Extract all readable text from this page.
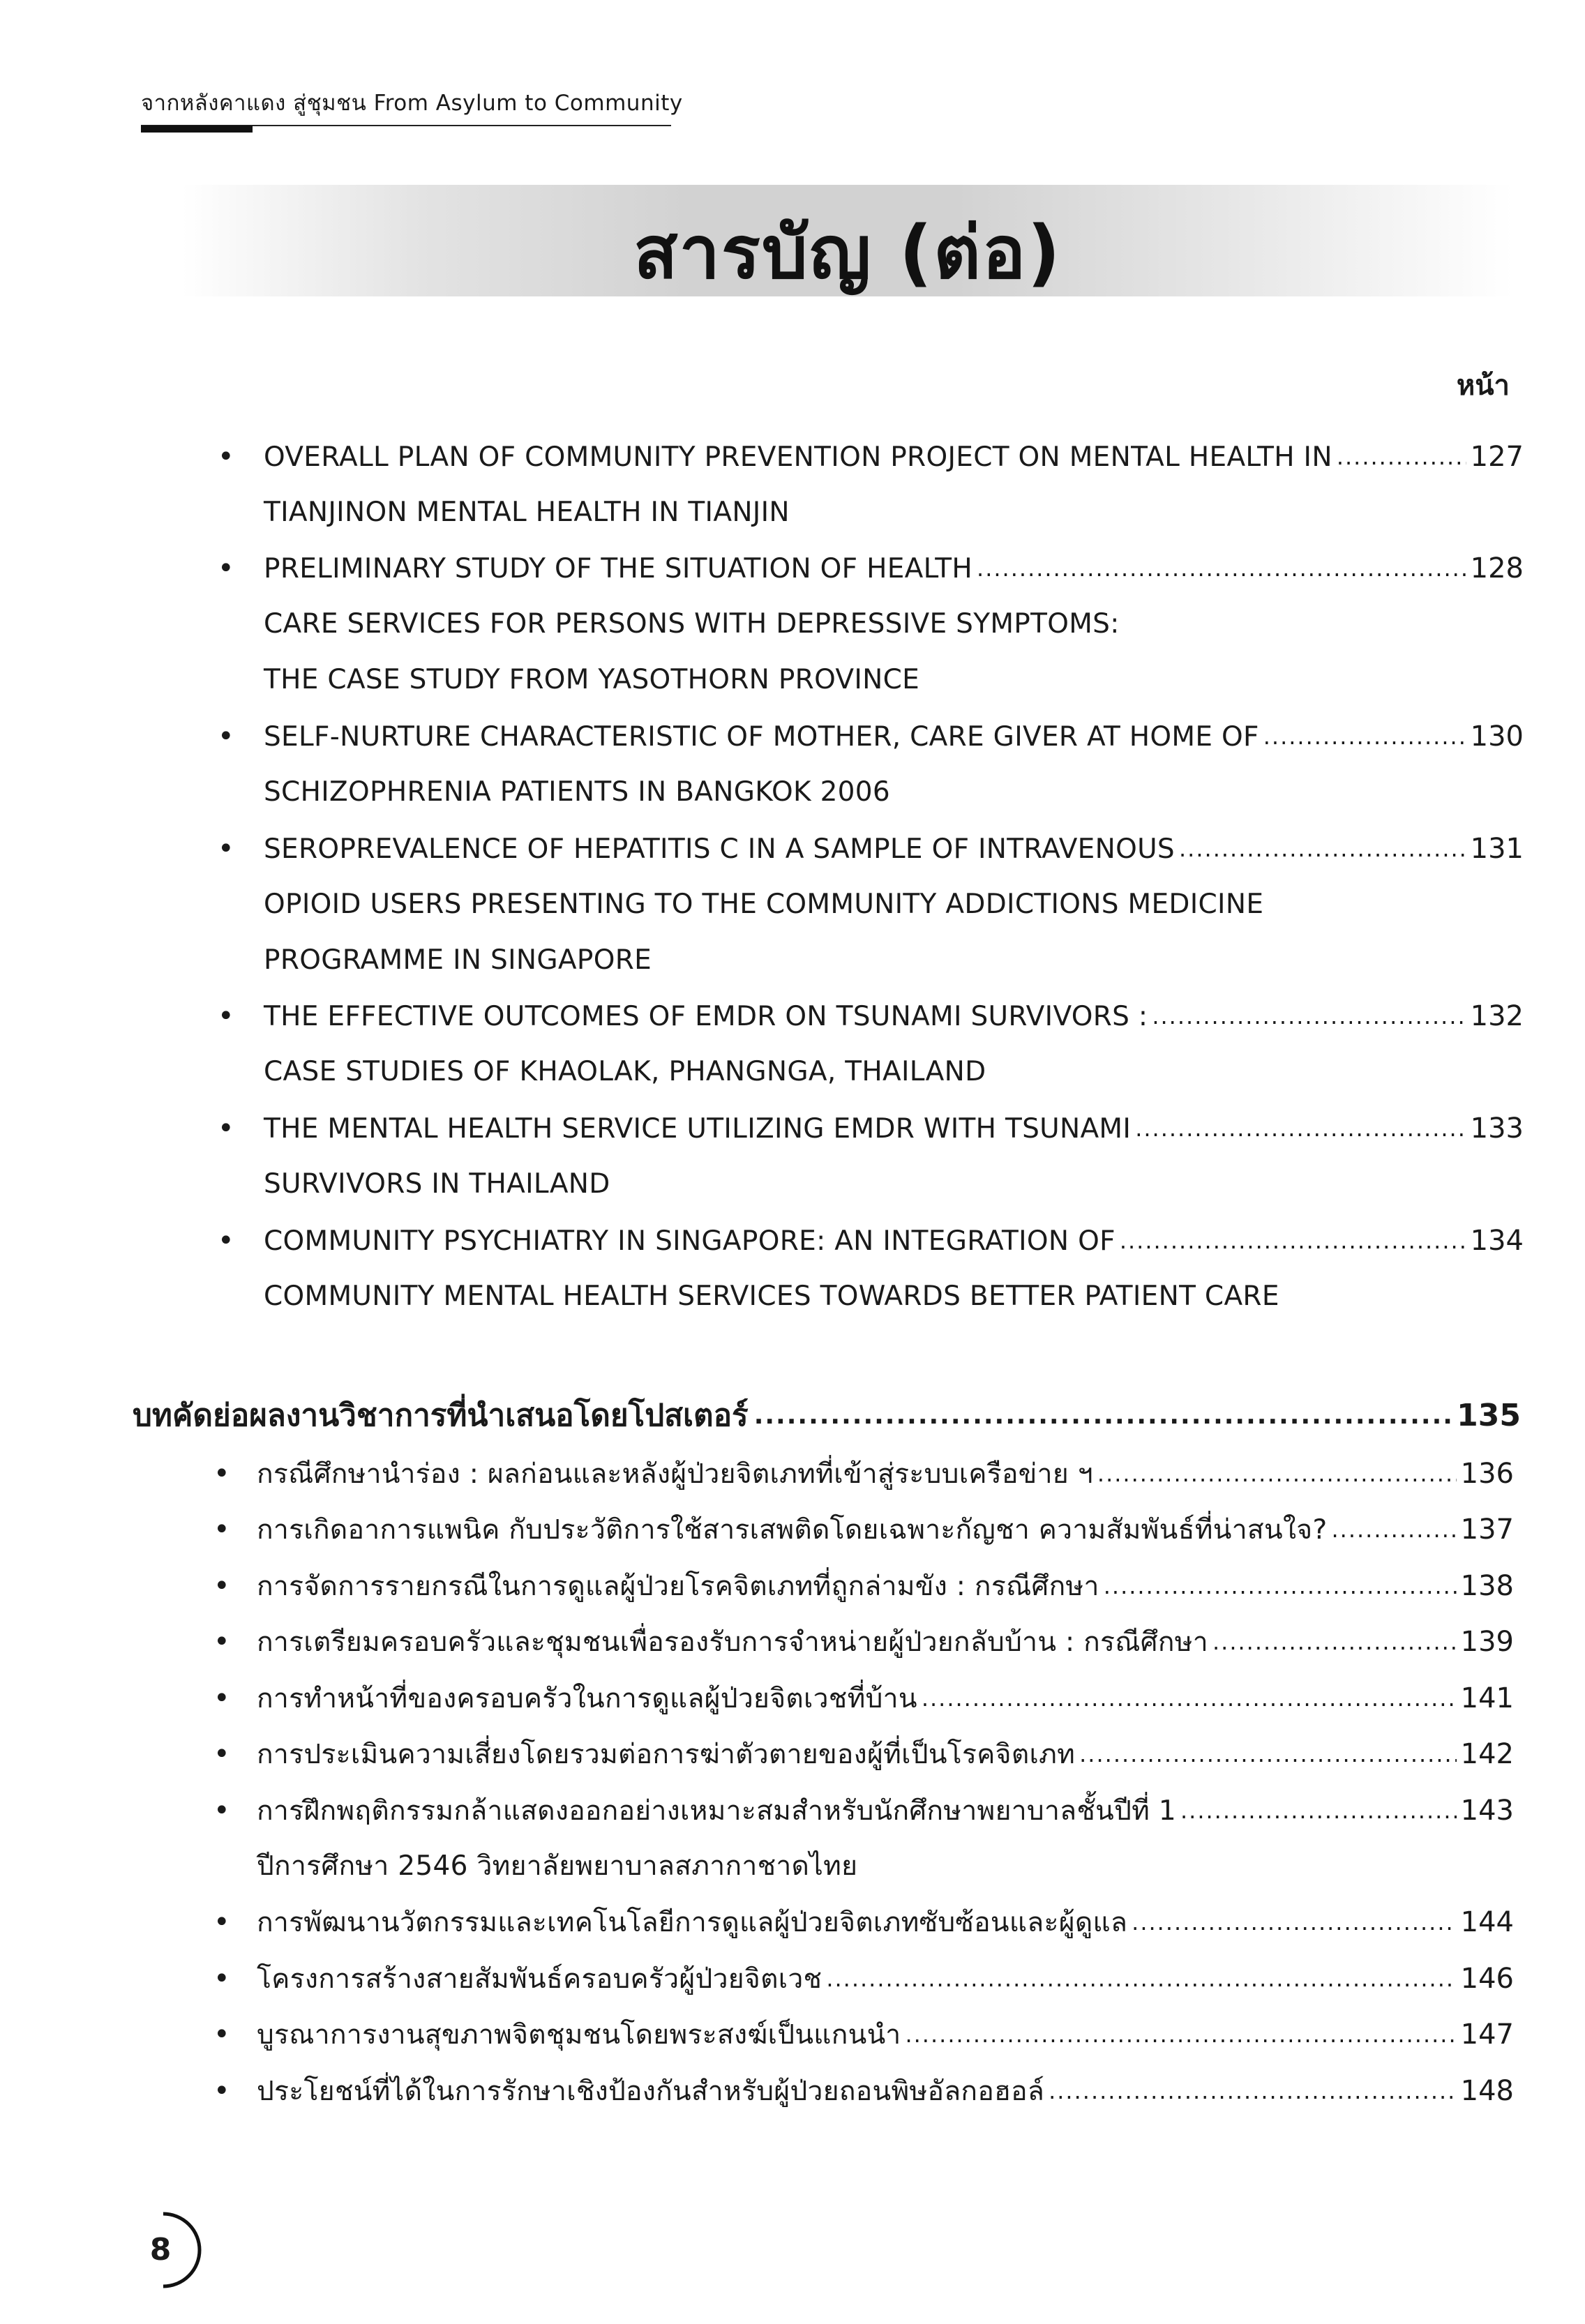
จากหลังคาแดง สู่ชุมชน From Asylum to Community
สารบัญ (ต่อ)
หน้า
• OVERALL PLAN OF COMMUNITY PREVENTION PROJECT ON MENTAL HEALTH IN .....	127
TIANJINON MENTAL HEALTH IN TIANJIN
• PRELIMINARY STUDY OF THE SITUATION OF HEALTH .....	128
CARE SERVICES FOR PERSONS WITH DEPRESSIVE SYMPTOMS:
THE CASE STUDY FROM YASOTHORN PROVINCE
• SELF-NURTURE CHARACTERISTIC OF MOTHER, CARE GIVER AT HOME OF .....	130
SCHIZOPHRENIA PATIENTS IN BANGKOK 2006
• SEROPREVALENCE OF HEPATITIS C IN A SAMPLE OF INTRAVENOUS .....	131
OPIOID USERS PRESENTING TO THE COMMUNITY ADDICTIONS MEDICINE
PROGRAMME IN SINGAPORE
• THE EFFECTIVE OUTCOMES OF EMDR ON TSUNAMI SURVIVORS : .....	132
CASE STUDIES OF KHAOLAK, PHANGNGA, THAILAND
• THE MENTAL HEALTH SERVICE UTILIZING EMDR WITH TSUNAMI .....	133
SURVIVORS IN THAILAND
• COMMUNITY PSYCHIATRY IN SINGAPORE: AN INTEGRATION OF .....	134
COMMUNITY MENTAL HEALTH SERVICES TOWARDS BETTER PATIENT CARE
บทคัดย่อผลงานวิชาการที่นำเสนอโดยโปสเตอร์ .....	135
• กรณีศึกษานำร่อง : ผลก่อนและหลังผู้ป่วยจิตเภทที่เข้าสู่ระบบเครือข่าย ฯ .....	136
• การเกิดอาการแพนิค กับประวัติการใช้สารเสพติดโดยเฉพาะกัญชา ความสัมพันธ์ที่น่าสนใจ? .....	137
• การจัดการรายกรณีในการดูแลผู้ป่วยโรคจิตเภทที่ถูกล่ามขัง : กรณีศึกษา .....	138
• การเตรียมครอบครัวและชุมชนเพื่อรองรับการจำหน่ายผู้ป่วยกลับบ้าน : กรณีศึกษา .....	139
• การทำหน้าที่ของครอบครัวในการดูแลผู้ป่วยจิตเวชที่บ้าน .....	141
• การประเมินความเสี่ยงโดยรวมต่อการฆ่าตัวตายของผู้ที่เป็นโรคจิตเภท .....	142
• การฝึกพฤติกรรมกล้าแสดงออกอย่างเหมาะสมสำหรับนักศึกษาพยาบาลชั้นปีที่ 1 .....	143
ปีการศึกษา 2546 วิทยาลัยพยาบาลสภากาชาดไทย
• การพัฒนานวัตกรรมและเทคโนโลยีการดูแลผู้ป่วยจิตเภทซับซ้อนและผู้ดูแล .....	144
• โครงการสร้างสายสัมพันธ์ครอบครัวผู้ป่วยจิตเวช .....	146
• บูรณาการงานสุขภาพจิตชุมชนโดยพระสงฆ์เป็นแกนนำ .....	147
• ประโยชน์ที่ได้ในการรักษาเชิงป้องกันสำหรับผู้ป่วยถอนพิษอัลกอฮอล์ .....	148
8
